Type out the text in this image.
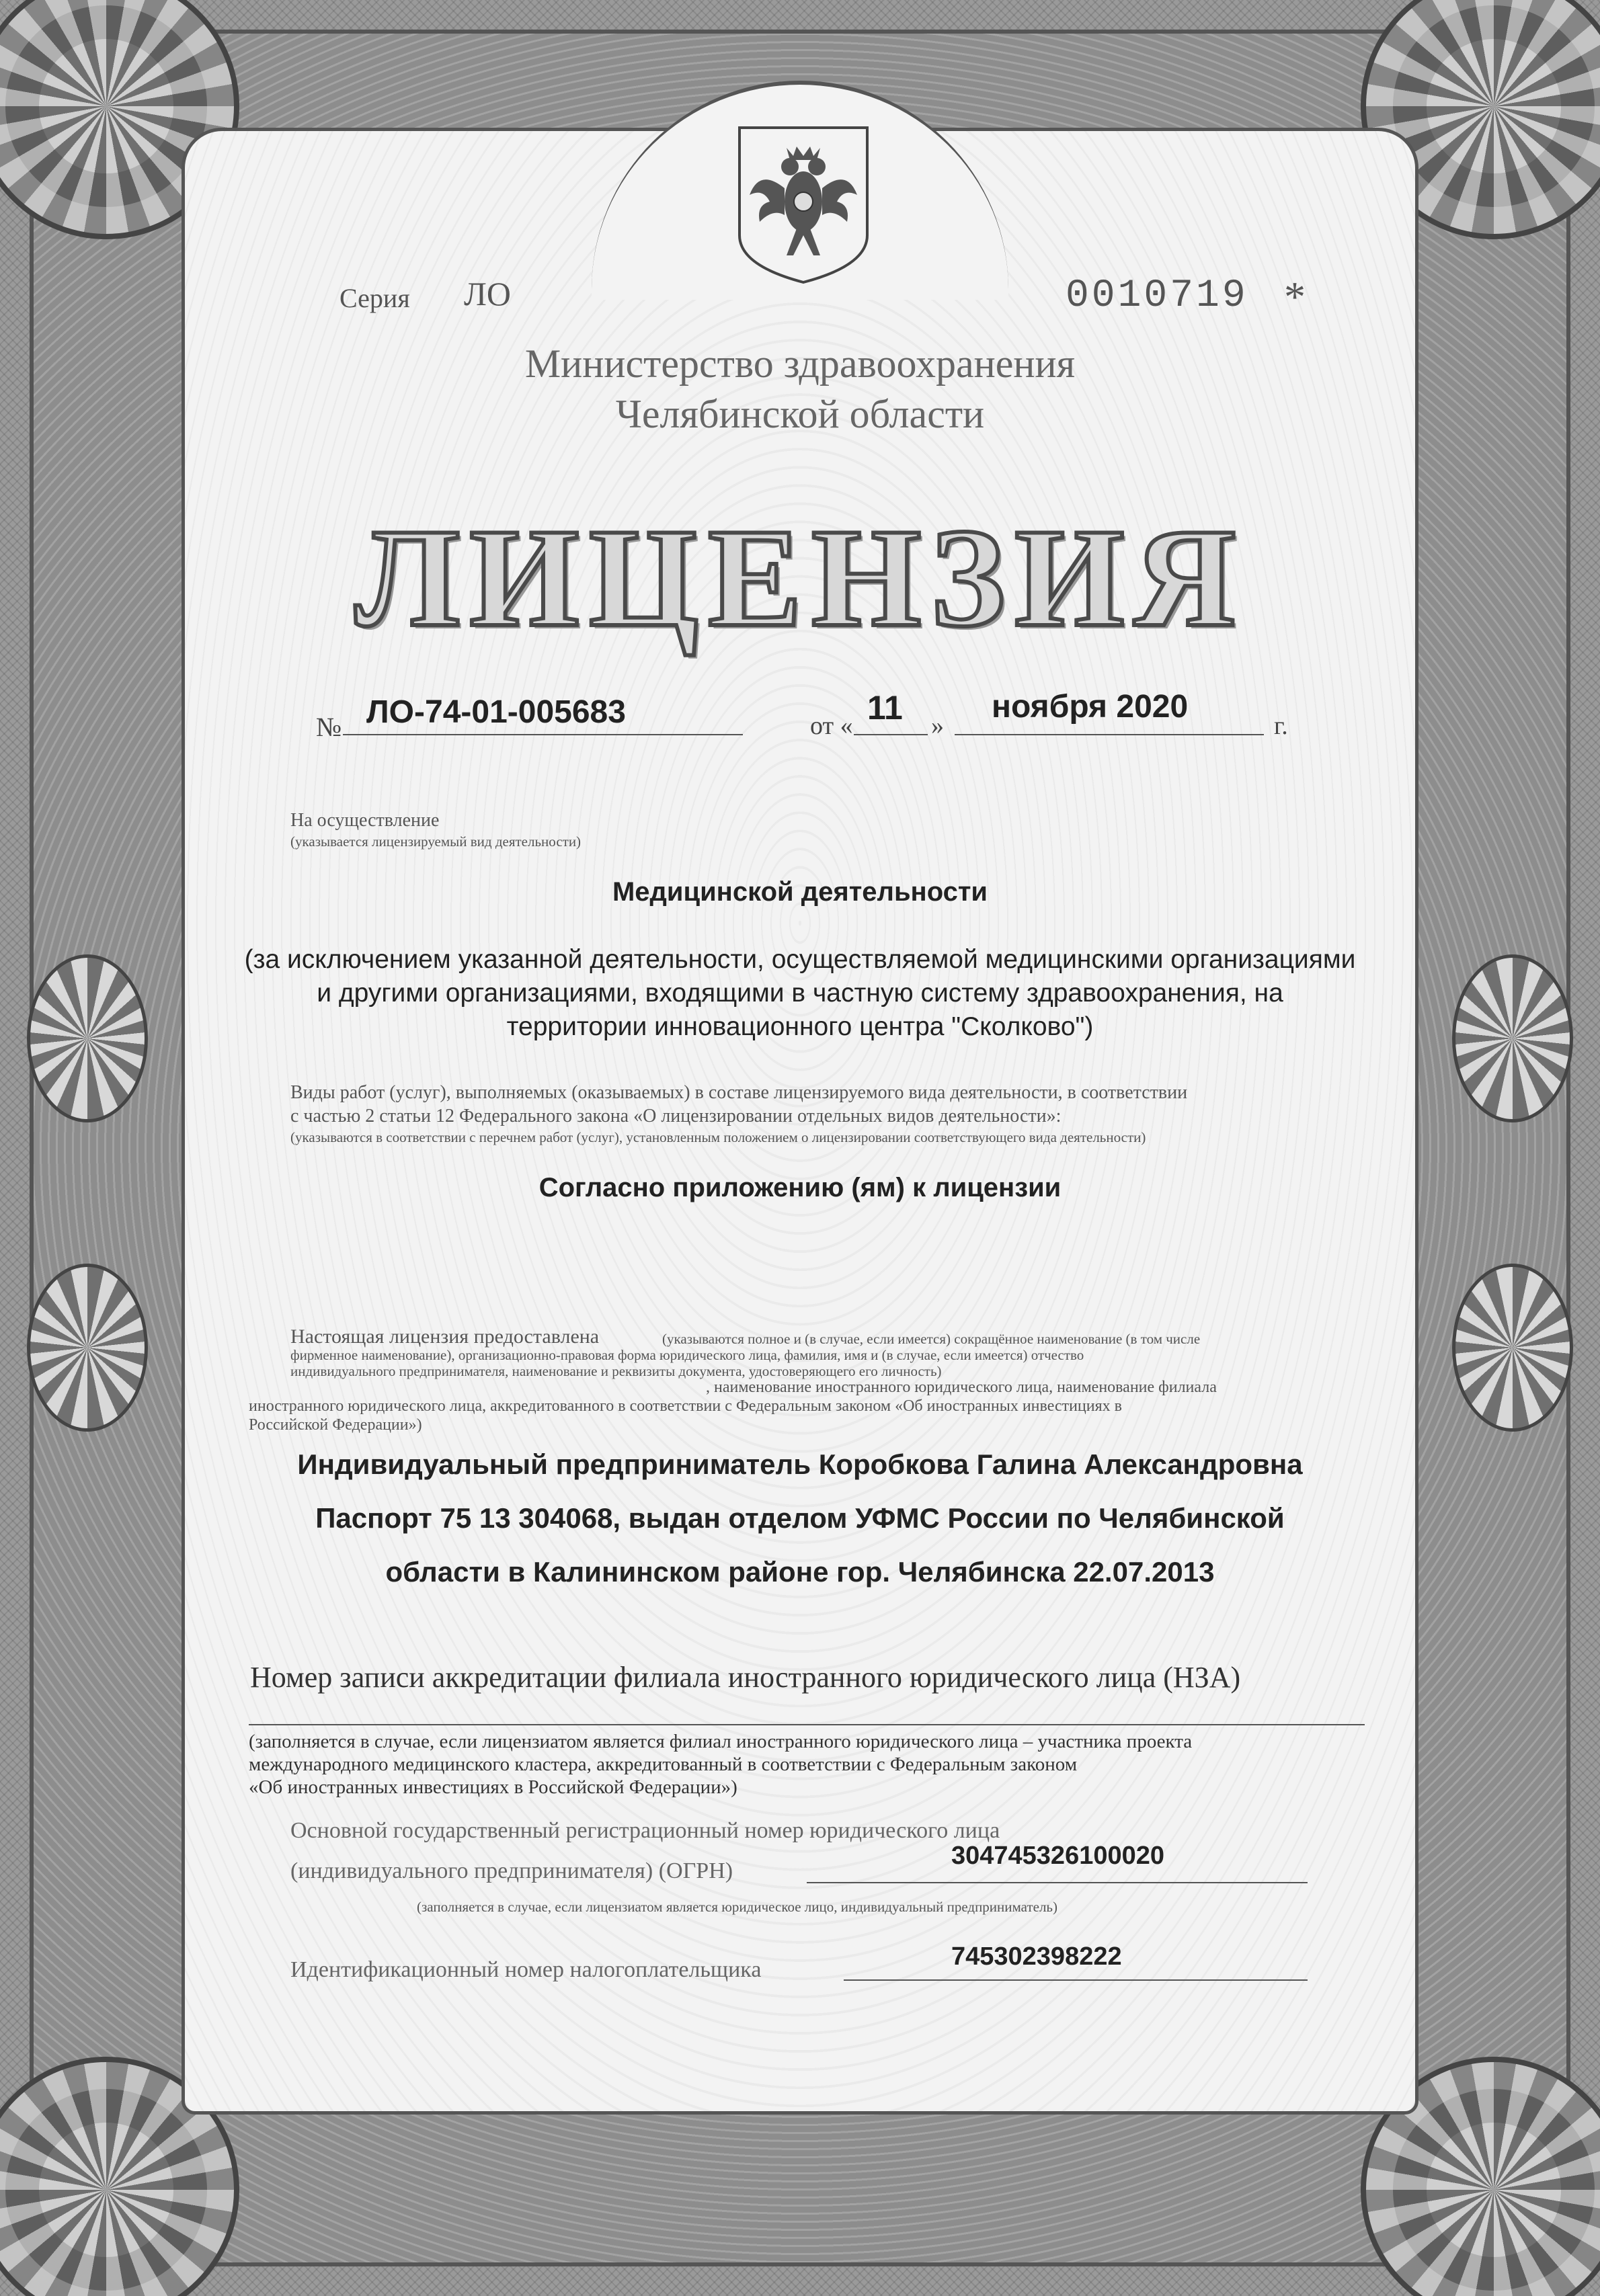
Серия ЛО	0010719 *
Министерство здравоохранения
Челябинской области
ЛИЦЕНЗИЯ
№ ЛО-74-01-005683	от « 11 »
ноября 2020
г.
На осуществление
(указывается лицензируемый вид деятельности)
Медицинской деятельности
(за исключением указанной деятельности, осуществляемой медицинскими организациями
и другими организациями, входящими в частную систему здравоохранения, на
территории инновационного центра "Сколково")
Виды работ (услуг), выполняемых (оказываемых) в составе лицензируемого вида деятельности, в соответствии
с частью 2 статьи 12 Федерального закона «О лицензировании отдельных видов деятельности»:
(указываются в соответствии с перечнем работ (услуг), установленным положением о лицензировании соответствующего вида деятельности)
Согласно приложению (ям) к лицензии
Настоящая лицензия предоставлена	(указываются полное и (в случае, если имеется) сокращённое наименование (в том числе
фирменное наименование), организационно-правовая форма юридического лица, фамилия, имя и (в случае, если имеется) отчество
индивидуального предпринимателя, наименование и реквизиты документа, удостоверяющего его личность)
, наименование иностранного юридического лица, наименование филиала
иностранного юридического лица, аккредитованного в соответствии с Федеральным законом «Об иностранных инвестициях в
Российской Федерации»)
Индивидуальный предприниматель Коробкова Галина Александровна
Паспорт 75 13 304068, выдан отделом УФМС России по Челябинской
области в Калининском районе гор. Челябинска 22.07.2013
Номер записи аккредитации филиала иностранного юридического лица (НЗА)
(заполняется в случае, если лицензиатом является филиал иностранного юридического лица – участника проекта
международного медицинского кластера, аккредитованный в соответствии с Федеральным законом
«Об иностранных инвестициях в Российской Федерации»)
Основной государственный регистрационный номер юридического лица
(индивидуального предпринимателя) (ОГРН)
304745326100020
(заполняется в случае, если лицензиатом является юридическое лицо, индивидуальный предприниматель)
Идентификационный номер налогоплательщика	745302398222
